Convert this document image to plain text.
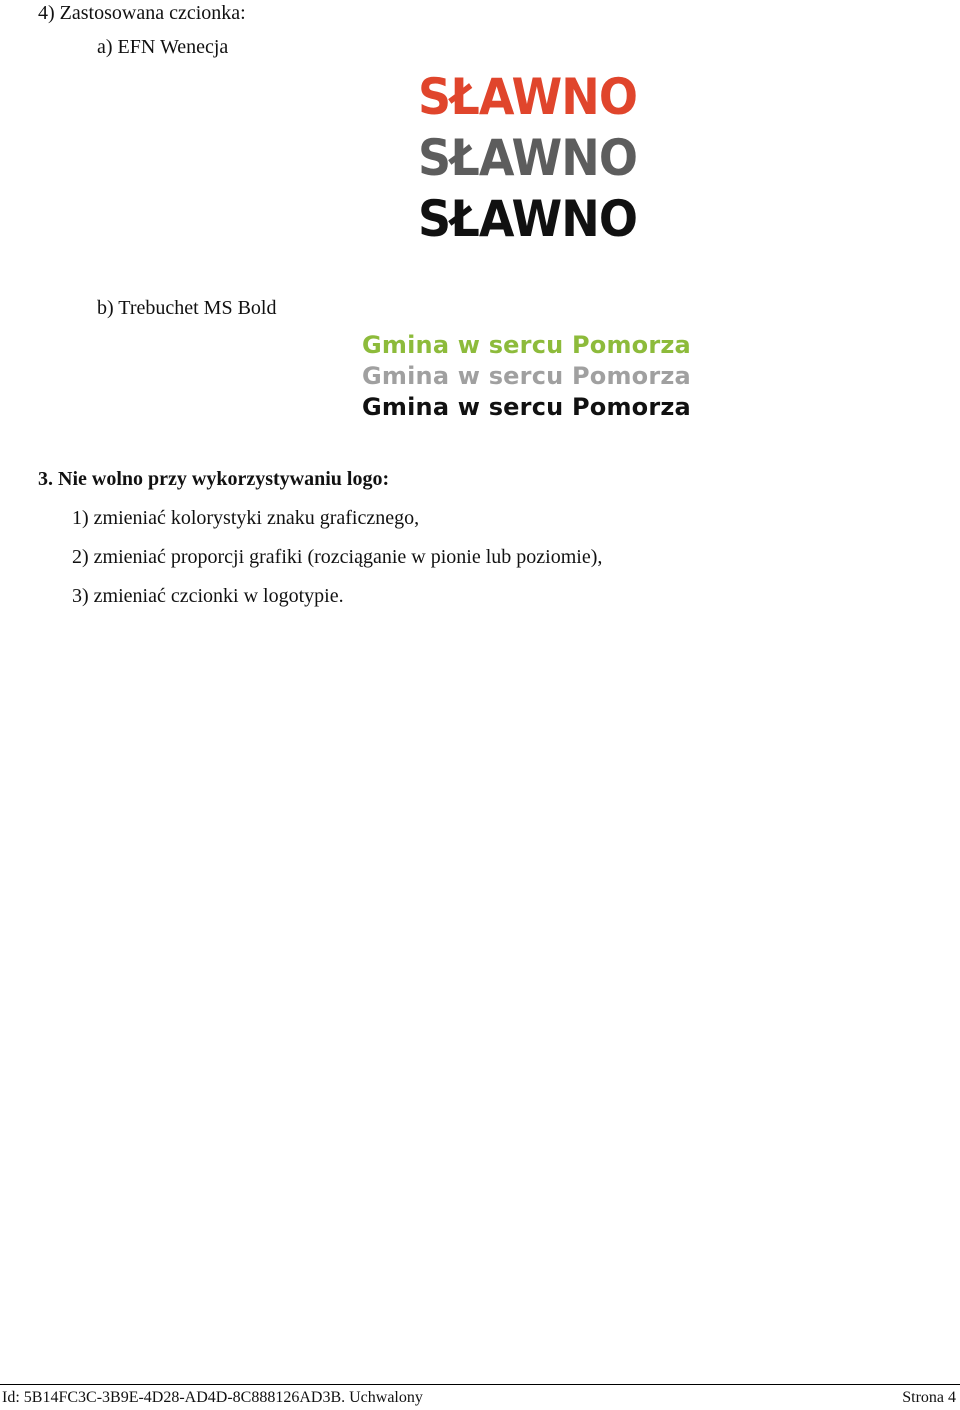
4) Zastosowana czcionka:
a) EFN Wenecja
SŁAWNO
SŁAWNO
SŁAWNO
b) Trebuchet MS Bold
Gmina w sercu Pomorza
Gmina w sercu Pomorza
Gmina w sercu Pomorza
3. Nie wolno przy wykorzystywaniu logo:
1) zmieniać kolorystyki znaku graficznego,
2) zmieniać proporcji grafiki (rozciąganie w pionie lub poziomie),
3) zmieniać czcionki w logotypie.
Id: 5B14FC3C-3B9E-4D28-AD4D-8C888126AD3B. Uchwalony	Strona 4
